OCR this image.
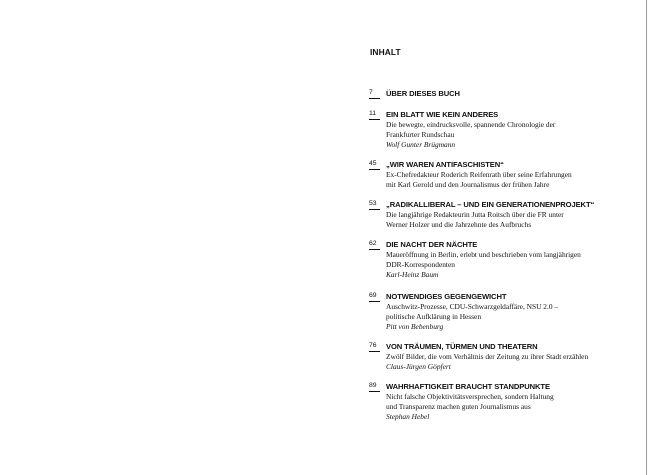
INHALT
7	ÜBER DIESES BUCH
11	EIN BLATT WIE KEIN ANDERES
Die bewegte, eindrucksvolle, spannende Chronologie der
Frankfurter Rundschau
Wolf Gunter Brügmann
45	„WIR WAREN ANTIFASCHISTEN“
Ex-Chefredakteur Roderich Reifenrath über seine Erfahrungen
mit Karl Gerold und den Journalismus der frühen Jahre
53	„RADIKALLIBERAL – UND EIN GENERATIONENPROJEKT“
Die langjährige Redakteurin Jutta Roitsch über die FR unter
Werner Holzer und die Jahrzehnte des Aufbruchs
62	DIE NACHT DER NÄCHTE
Maueröffnung in Berlin, erlebt und beschrieben vom langjährigen
DDR-Korrespondenten
Karl-Heinz Baum
69	NOTWENDIGES GEGENGEWICHT
Auschwitz-Prozesse, CDU-Schwarzgeldaffäre, NSU 2.0 –
politische Aufklärung in Hessen
Pitt von Bebenburg
76	VON TRÄUMEN, TÜRMEN UND THEATERN
Zwölf Bilder, die vom Verhältnis der Zeitung zu ihrer Stadt erzählen
Claus-Jürgen Göpfert
89	WAHRHAFTIGKEIT BRAUCHT STANDPUNKTE
Nicht falsche Objektivitätsversprechen, sondern Haltung
und Transparenz machen guten Journalismus aus
Stephan Hebel
